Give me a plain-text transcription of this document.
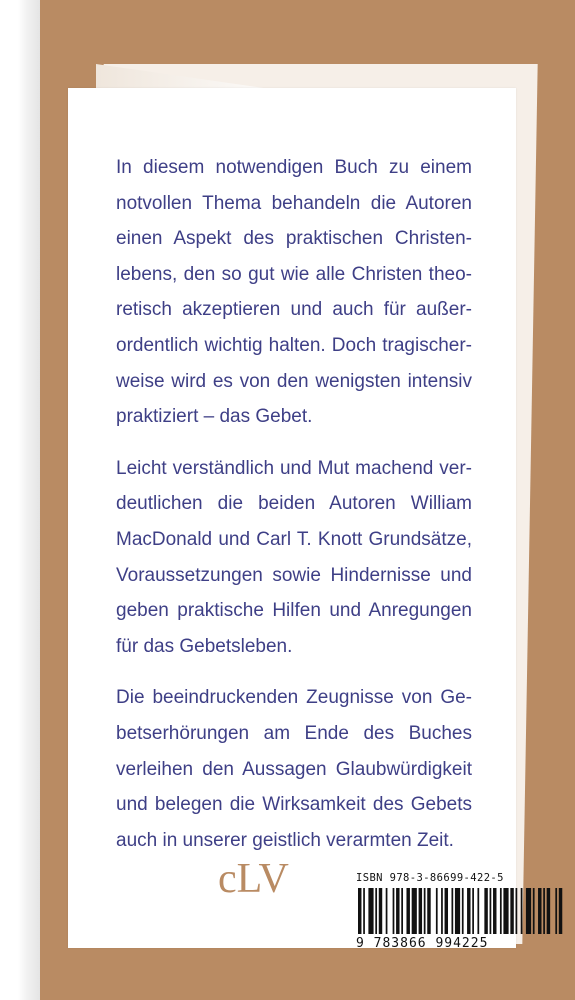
In diesem notwendigen Buch zu einem notvollen Thema behandeln die Autoren einen Aspekt des praktischen Christenlebens, den so gut wie alle Christen theoretisch akzeptieren und auch für außerordentlich wichtig halten. Doch tragischerweise wird es von den wenigsten intensiv praktiziert – das Gebet.

Leicht verständlich und Mut machend verdeutlichen die beiden Autoren William MacDonald und Carl T. Knott Grundsätze, Voraussetzungen sowie Hindernisse und geben praktische Hilfen und Anregungen für das Gebetsleben.

Die beeindruckenden Zeugnisse von Gebetserhörungen am Ende des Buches verleihen den Aussagen Glaubwürdigkeit und belegen die Wirksamkeit des Gebets auch in unserer geistlich verarmten Zeit.

cLV	ISBN 978-3-86699-422-5
9 783866 994225
